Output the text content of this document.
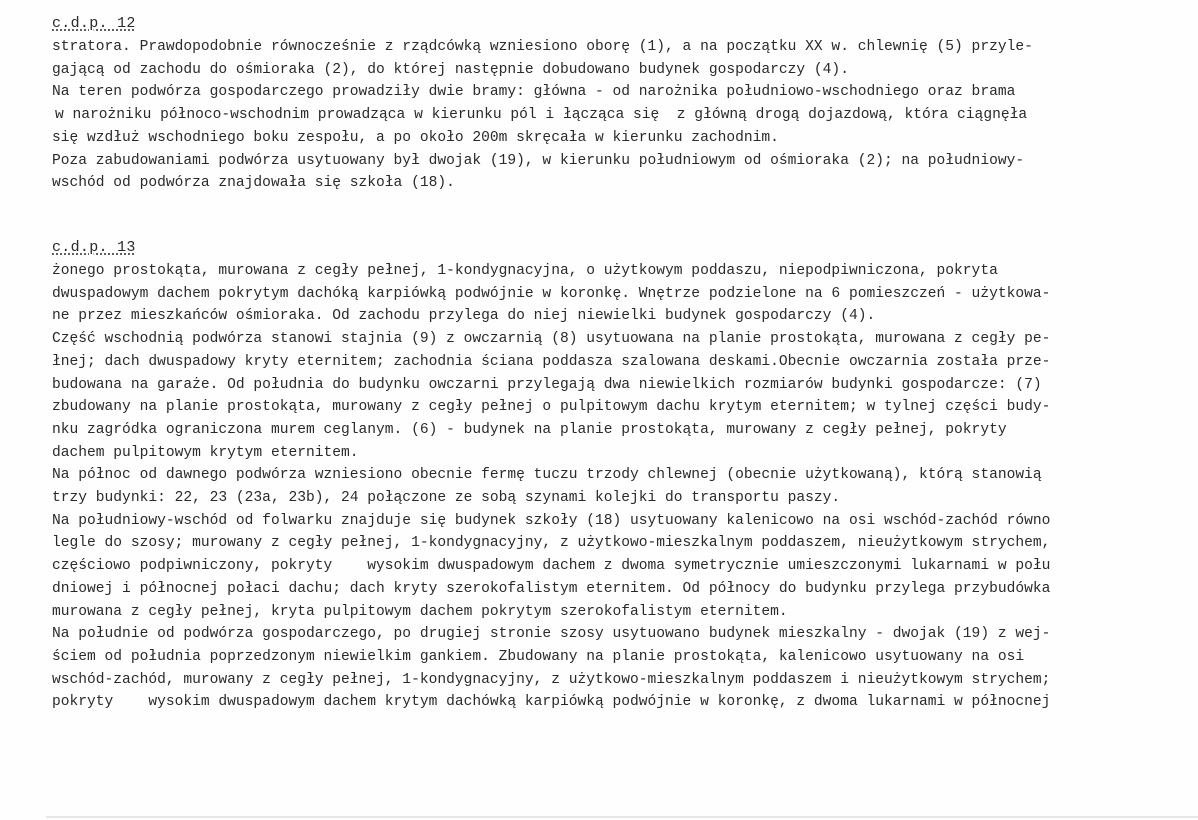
c.d.p. 12
stratora. Prawdopodobnie równocześnie z rządcówką wzniesiono oborę (1), a na początku XX w. chlewnię (5) przyle-
gającą od zachodu do ośmioraka (2), do której następnie dobudowano budynek gospodarczy (4).
Na teren podwórza gospodarczego prowadziły dwie bramy: główna - od narożnika południowo-wschodniego oraz brama
w narożniku północo-wschodnim prowadząca w kierunku pól i łącząca się  z główną drogą dojazdową, która ciągnęła
się wzdłuż wschodniego boku zespołu, a po około 200m skręcała w kierunku zachodnim.
Poza zabudowaniami podwórza usytuowany był dwojak (19), w kierunku południowym od ośmioraka (2); na południowy-
wschód od podwórza znajdowała się szkoła (18).
c.d.p. 13
żonego prostokąta, murowana z cegły pełnej, 1-kondygnacyjna, o użytkowym poddaszu, niepodpiwniczona, pokryta
dwuspadowym dachem pokrytym dachóką karpiówką podwójnie w koronkę. Wnętrze podzielone na 6 pomieszczeń - użytkowa-
ne przez mieszkańców ośmioraka. Od zachodu przylega do niej niewielki budynek gospodarczy (4).
Część wschodnią podwórza stanowi stajnia (9) z owczarnią (8) usytuowana na planie prostokąta, murowana z cegły pe-
łnej; dach dwuspadowy kryty eternitem; zachodnia ściana poddasza szalowana deskami.Obecnie owczarnia została prze-
budowana na garaże. Od południa do budynku owczarni przylegają dwa niewielkich rozmiarów budynki gospodarcze: (7)
zbudowany na planie prostokąta, murowany z cegły pełnej o pulpitowym dachu krytym eternitem; w tylnej części budy-
nku zagródka ograniczona murem ceglanym. (6) - budynek na planie prostokąta, murowany z cegły pełnej, pokryty
dachem pulpitowym krytym eternitem.
Na północ od dawnego podwórza wzniesiono obecnie fermę tuczu trzody chlewnej (obecnie użytkowaną), którą stanowią
trzy budynki: 22, 23 (23a, 23b), 24 połączone ze sobą szynami kolejki do transportu paszy.
Na południowy-wschód od folwarku znajduje się budynek szkoły (18) usytuowany kalenicowo na osi wschód-zachód równo
legle do szosy; murowany z cegły pełnej, 1-kondygnacyjny, z użytkowo-mieszkalnym poddaszem, nieużytkowym strychem,
częściowo podpiwniczony, pokryty    wysokim dwuspadowym dachem z dwoma symetrycznie umieszczonymi lukarnami w połu
dniowej i północnej połaci dachu; dach kryty szerokofalistym eternitem. Od północy do budynku przylega przybudówka
murowana z cegły pełnej, kryta pulpitowym dachem pokrytym szerokofalistym eternitem.
Na południe od podwórza gospodarczego, po drugiej stronie szosy usytuowano budynek mieszkalny - dwojak (19) z wej-
ściem od południa poprzedzonym niewielkim gankiem. Zbudowany na planie prostokąta, kalenicowo usytuowany na osi
wschód-zachód, murowany z cegły pełnej, 1-kondygnacyjny, z użytkowo-mieszkalnym poddaszem i nieużytkowym strychem;
pokryty    wysokim dwuspadowym dachem krytym dachówką karpiówką podwójnie w koronkę, z dwoma lukarnami w północnej
